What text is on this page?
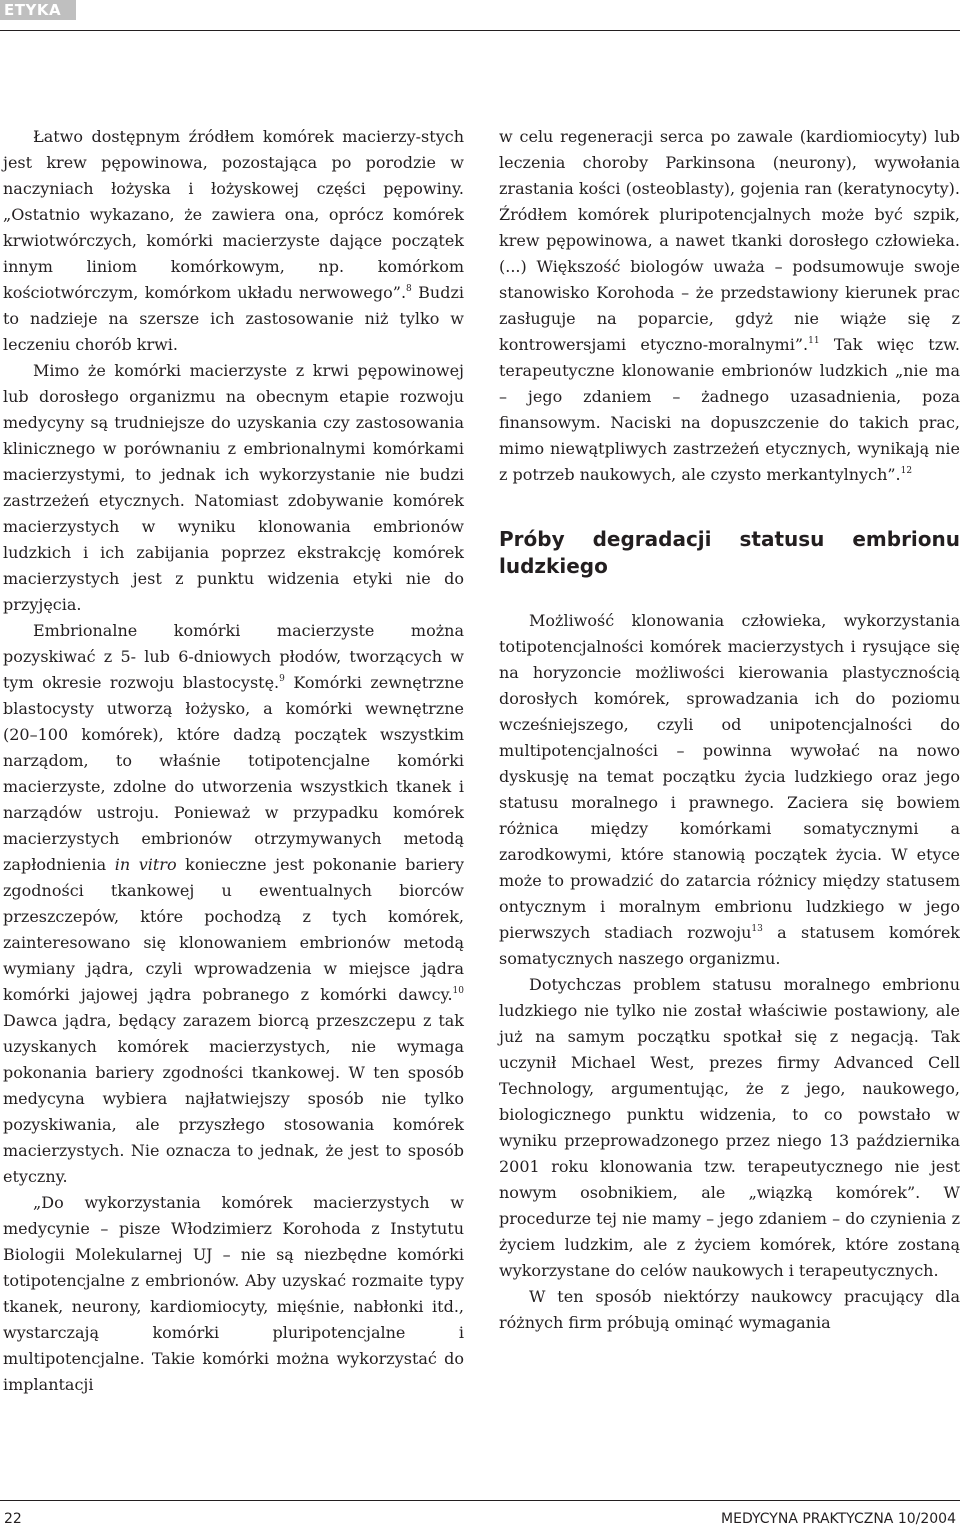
ETYKA

Łatwo dostępnym źródłem komórek macierzy-stych jest krew pępowinowa, pozostająca po porodzie w naczyniach łożyska i łożyskowej części pępowiny. „Ostatnio wykazano, że zawiera ona, oprócz komórek krwiotwórczych, komórki macierzyste dające początek innym liniom komórkowym, np. komórkom kościotwórczym, komórkom układu nerwowego”.$^8$ Budzi to nadzieje na szersze ich zastosowanie niż tylko w leczeniu chorób krwi.

Mimo że komórki macierzyste z krwi pępowinowej lub dorosłego organizmu na obecnym etapie rozwoju medycyny są trudniejsze do uzyskania czy zastosowania klinicznego w porównaniu z embrionalnymi komórkami macierzystymi, to jednak ich wykorzystanie nie budzi zastrzeżeń etycznych. Natomiast zdobywanie komórek macierzystych w wyniku klonowania embrionów ludzkich i ich zabijania poprzez ekstrakcję komórek macierzystych jest z punktu widzenia etyki nie do przyjęcia.

Embrionalne komórki macierzyste można pozyskiwać z 5- lub 6-dniowych płodów, tworzących w tym okresie rozwoju blastocystę.$^9$ Komórki zewnętrzne blastocysty utworzą łożysko, a komórki wewnętrzne (20–100 komórek), które dadzą początek wszystkim narządom, to właśnie totipotencjalne komórki macierzyste, zdolne do utworzenia wszystkich tkanek i narządów ustroju. Ponieważ w przypadku komórek macierzystych embrionów otrzymywanych metodą zapłodnienia in vitro konieczne jest pokonanie bariery zgodności tkankowej u ewentualnych biorców przeszczepów, które pochodzą z tych komórek, zainteresowano się klonowaniem embrionów metodą wymiany jądra, czyli wprowadzenia w miejsce jądra komórki jajowej jądra pobranego z komórki dawcy.$^{10}$ Dawca jądra, będący zarazem biorcą przeszczepu z tak uzyskanych komórek macierzystych, nie wymaga pokonania bariery zgodności tkankowej. W ten sposób medycyna wybiera najłatwiejszy sposób nie tylko pozyskiwania, ale przyszłego stosowania komórek macierzystych. Nie oznacza to jednak, że jest to sposób etyczny.

„Do wykorzystania komórek macierzystych w medycynie – pisze Włodzimierz Korohoda z Instytutu Biologii Molekularnej UJ – nie są niezbędne komórki totipotencjalne z embrionów. Aby uzyskać rozmaite typy tkanek, neurony, kardiomiocyty, mięśnie, nabłonki itd., wystarczają komórki pluripotencjalne i multipotencjalne. Takie komórki można wykorzystać do implantacji

w celu regeneracji serca po zawale (kardiomiocyty) lub leczenia choroby Parkinsona (neurony), wywołania zrastania kości (osteoblasty), gojenia ran (keratynocyty). Źródłem komórek pluripotencjalnych może być szpik, krew pępowinowa, a nawet tkanki dorosłego człowieka. (...) Większość biologów uważa – podsumowuje swoje stanowisko Korohoda – że przedstawiony kierunek prac zasługuje na poparcie, gdyż nie wiąże się z kontrowersjami etyczno-moralnymi”.$^{11}$ Tak więc tzw. terapeutyczne klonowanie embrionów ludzkich „nie ma – jego zdaniem – żadnego uzasadnienia, poza finansowym. Naciski na dopuszczenie do takich prac, mimo niewątpliwych zastrzeżeń etycznych, wynikają nie z potrzeb naukowych, ale czysto merkantylnych”.$^{12}$

Próby degradacji statusu embrionu ludzkiego

Możliwość klonowania człowieka, wykorzystania totipotencjalności komórek macierzystych i rysujące się na horyzoncie możliwości kierowania plastycznością dorosłych komórek, sprowadzania ich do poziomu wcześniejszego, czyli od unipotencjalności do multipotencjalności – powinna wywołać na nowo dyskusję na temat początku życia ludzkiego oraz jego statusu moralnego i prawnego. Zaciera się bowiem różnica między komórkami somatycznymi a zarodkowymi, które stanowią początek życia. W etyce może to prowadzić do zatarcia różnicy między statusem ontycznym i moralnym embrionu ludzkiego w jego pierwszych stadiach rozwoju$^{13}$ a statusem komórek somatycznych naszego organizmu.

Dotychczas problem statusu moralnego embrionu ludzkiego nie tylko nie został właściwie postawiony, ale już na samym początku spotkał się z negacją. Tak uczynił Michael West, prezes firmy Advanced Cell Technology, argumentując, że z jego, naukowego, biologicznego punktu widzenia, to co powstało w wyniku przeprowadzonego przez niego 13 października 2001 roku klonowania tzw. terapeutycznego nie jest nowym osobnikiem, ale „wiązką komórek”. W procedurze tej nie mamy – jego zdaniem – do czynienia z życiem ludzkim, ale z życiem komórek, które zostaną wykorzystane do celów naukowych i terapeutycznych.

W ten sposób niektórzy naukowcy pracujący dla różnych firm próbują ominąć wymagania

22	MEDYCYNA PRAKTYCZNA 10/2004
